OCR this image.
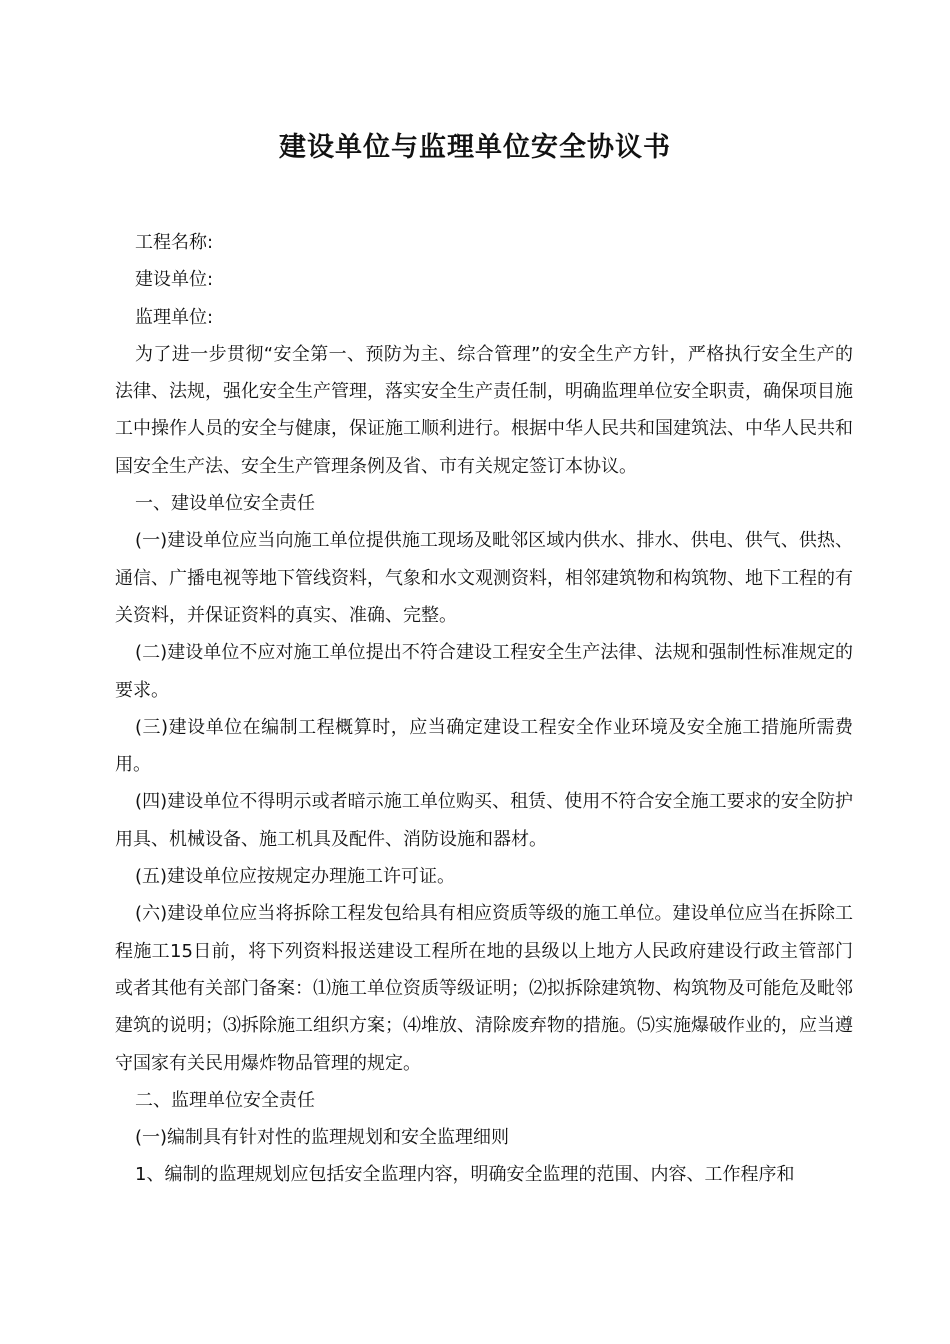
建设单位与监理单位安全协议书

工程名称:

建设单位:

监理单位:

为了进一步贯彻“安全第一、预防为主、综合管理”的安全生产方针，严格执行安全生产的法律、法规，强化安全生产管理，落实安全生产责任制，明确监理单位安全职责，确保项目施工中操作人员的安全与健康，保证施工顺利进行。根据中华人民共和国建筑法、中华人民共和国安全生产法、安全生产管理条例及省、市有关规定签订本协议。

一、建设单位安全责任

(一)建设单位应当向施工单位提供施工现场及毗邻区域内供水、排水、供电、供气、供热、通信、广播电视等地下管线资料，气象和水文观测资料，相邻建筑物和构筑物、地下工程的有关资料，并保证资料的真实、准确、完整。

(二)建设单位不应对施工单位提出不符合建设工程安全生产法律、法规和强制性标准规定的要求。

(三)建设单位在编制工程概算时，应当确定建设工程安全作业环境及安全施工措施所需费用。

(四)建设单位不得明示或者暗示施工单位购买、租赁、使用不符合安全施工要求的安全防护用具、机械设备、施工机具及配件、消防设施和器材。

(五)建设单位应按规定办理施工许可证。

(六)建设单位应当将拆除工程发包给具有相应资质等级的施工单位。建设单位应当在拆除工程施工15日前，将下列资料报送建设工程所在地的县级以上地方人民政府建设行政主管部门或者其他有关部门备案：⑴施工单位资质等级证明；⑵拟拆除建筑物、构筑物及可能危及毗邻建筑的说明；⑶拆除施工组织方案；⑷堆放、清除废弃物的措施。⑸实施爆破作业的，应当遵守国家有关民用爆炸物品管理的规定。

二、监理单位安全责任

(一)编制具有针对性的监理规划和安全监理细则

1、编制的监理规划应包括安全监理内容，明确安全监理的范围、内容、工作程序和
